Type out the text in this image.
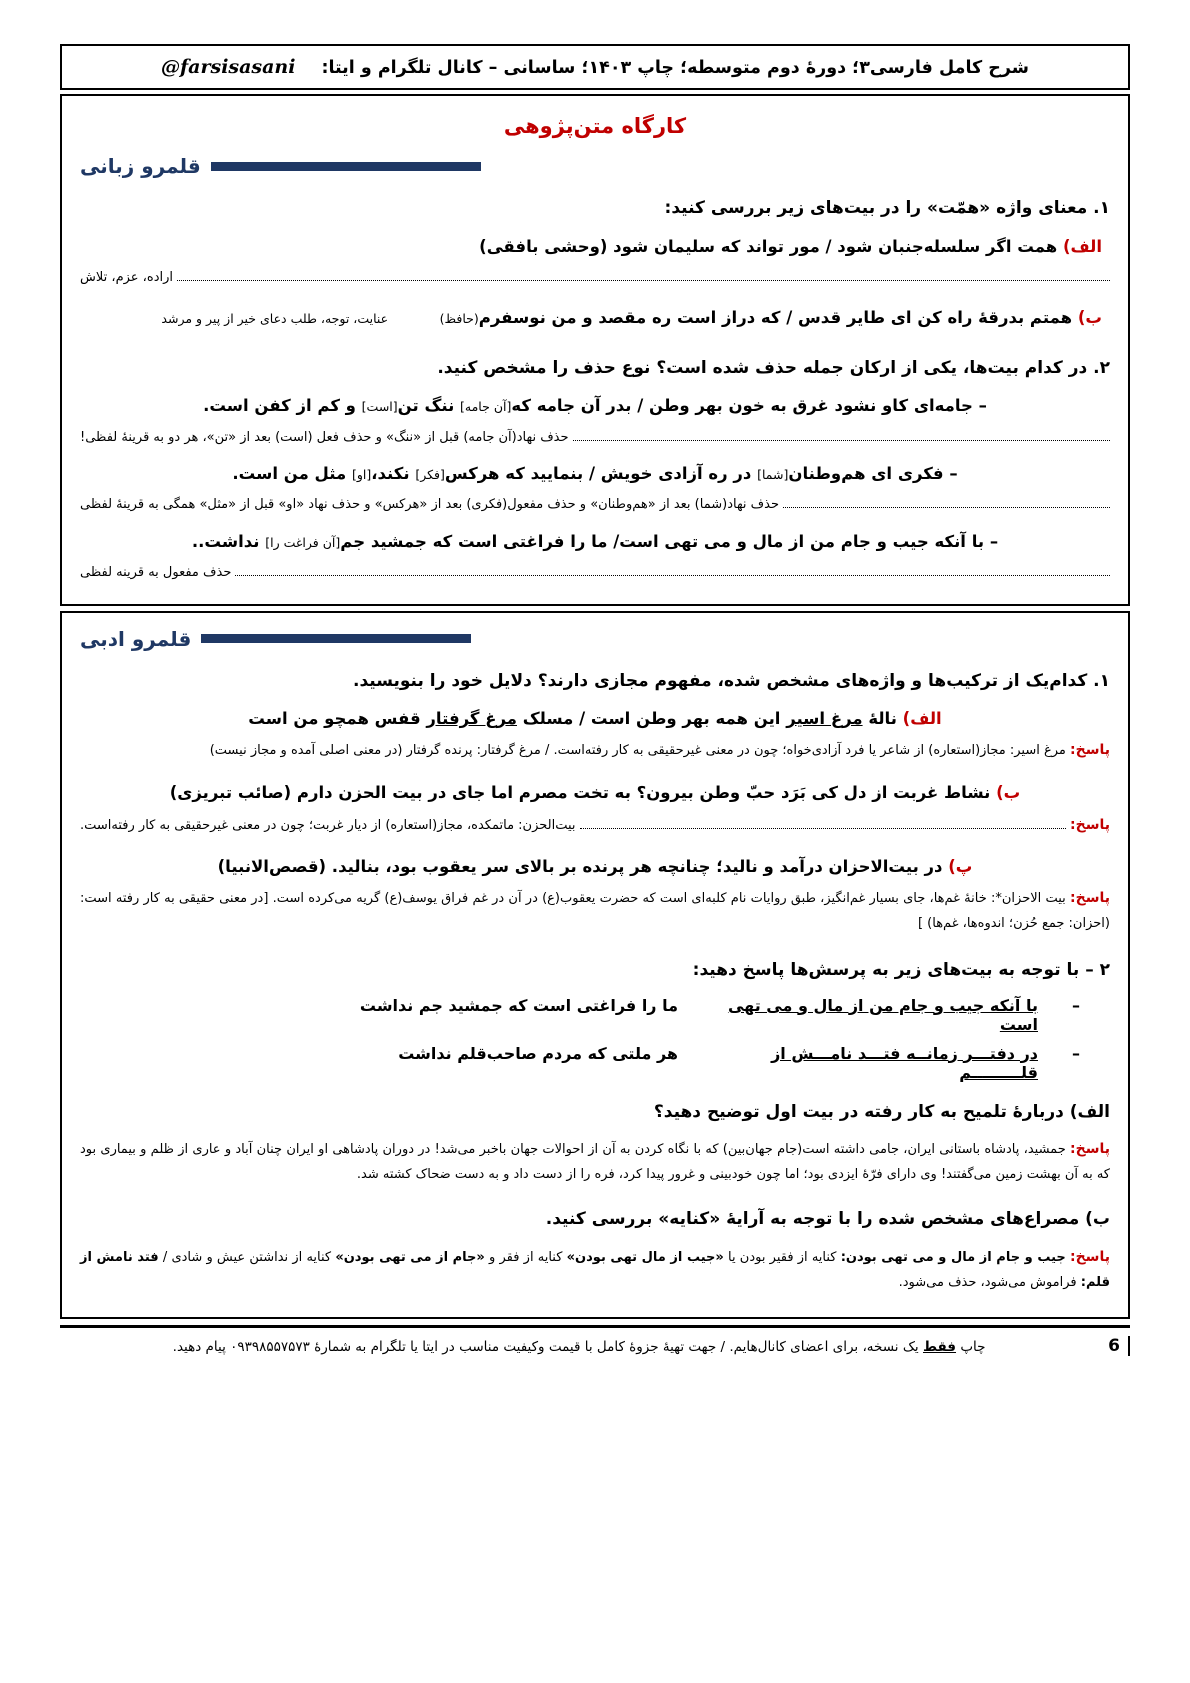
شرح کامل فارسی۳؛ دورهٔ دوم متوسطه؛ چاپ ۱۴۰۳؛ ساسانی – کانال تلگرام و ایتا:
@farsisasani
کارگاه متن‌پژوهی
قلمرو زبانی
۱. معنای واژه «همّت» را در بیت‌های زیر بررسی کنید:
الف) همت اگر سلسله‌جنبان شود / مور تواند که سلیمان شود (وحشی بافقی)
اراده، عزم، تلاش
ب) همتم بدرقهٔ راه کن ای طایر قدس / که دراز است ره مقصد و من نوسفرم(حافظ)  عنایت، توجه، طلب دعای خیر از پیر و مرشد
۲. در کدام بیت‌ها، یکی از ارکان جمله حذف شده است؟ نوع حذف را مشخص کنید.
– جامه‌ای کاو نشود غرق به خون بهر وطن / بدر آن جامه که[آن جامه] ننگ تن[است] و کم از کفن است.
حذف نهاد(آن جامه) قبل از «ننگ» و حذف فعل (است) بعد از «تن»، هر دو به قرینهٔ لفظی!
– فکری ای هم‌وطنان[شما] در ره آزادی خویش / بنمایید که هرکس[فکر] نکند،[او] مثل من است.
حذف نهاد(شما) بعد از «هم‌وطنان» و حذف مفعول(فکری) بعد از «هرکس» و حذف نهاد «او» قبل از «مثل» همگی به قرینهٔ لفظی
– با آنکه جیب و جام من از مال و می تهی است/ ما را فراغتی است که جمشید جم[آن فراغت را] نداشت..
حذف مفعول به قرینه لفظی
قلمرو ادبی
۱. کدام‌یک از ترکیب‌ها و واژه‌های مشخص شده، مفهوم مجازی دارند؟ دلایل خود را بنویسید.
الف) نالهٔ مرغ اسیر این همه بهر وطن است / مسلک مرغ گرفتار قفس همچو من است
پاسخ: مرغ اسیر: مجاز(استعاره) از شاعر یا فرد آزادی‌خواه؛ چون در معنی غیرحقیقی به کار رفته‌است. / مرغ گرفتار: پرنده گرفتار (در معنی اصلی آمده و مجاز نیست)
ب) نشاط غربت از دل کی بَرَد حبّ وطن بیرون؟ به تخت مصرم اما جای در بیت الحزن دارم (صائب تبریزی)
پاسخ:
بیت‌الحزن: ماتمکده، مجاز(استعاره) از دیار غربت؛ چون در معنی غیرحقیقی به کار رفته‌است.
پ) در بیت‌الاحزان درآمد و نالید؛ چنانچه هر پرنده بر بالای سر یعقوب بود، بنالید. (قصص‌الانبیا)
پاسخ: بیت الاحزان*: خانهٔ غم‌ها، جای بسیار غم‌انگیز، طبق روایات نام کلبه‌ای است که حضرت یعقوب(ع) در آن در غم فراق یوسف(ع) گریه می‌کرده است. [در معنی حقیقی به کار رفته است: (احزان: جمع حُزن؛ اندوه‌ها، غم‌ها) ]
۲ – با توجه به بیت‌های زیر به پرسش‌ها پاسخ دهید:
–
با آنکه جیب و جام من از مال و می تهی است
ما را فراغتی است که جمشید جم نداشت
–
در دفتـــر زمانــه فتـــد نامـــش از قلـــــــــم
هر ملتی که مردم صاحب‌قلم نداشت
الف) دربارهٔ تلمیح به کار رفته در بیت اول توضیح دهید؟
پاسخ: جمشید، پادشاه باستانی ایران، جامی داشته است(جام جهان‌بین) که با نگاه کردن به آن از احوالات جهان باخبر می‌شد! در دوران پادشاهی او ایران چنان آباد و عاری از ظلم و بیماری بود که به آن بهشت زمین می‌گفتند! وی دارای فرّهٔ ایزدی بود؛ اما چون خودبینی و غرور پیدا کرد، فره را از دست داد و به دست ضحاک کشته شد.
ب) مصراع‌های مشخص شده را با توجه به آرایهٔ «کنایه» بررسی کنید.
پاسخ: جیب و جام از مال و می تهی بودن: کنایه از فقیر بودن یا «جیب از مال تهی بودن» کنایه از فقر و «جام از می تهی بودن» کنایه از نداشتن عیش و شادی / فتد نامش از قلم: فراموش می‌شود، حذف می‌شود.
6
چاپ فقط یک نسخه، برای اعضای کانال‌هایم. / جهت تهیهٔ جزوهٔ کامل با قیمت وکیفیت مناسب در ایتا یا تلگرام به شمارهٔ ۰۹۳۹۸۵۵۷۵۷۳ پیام دهید.
